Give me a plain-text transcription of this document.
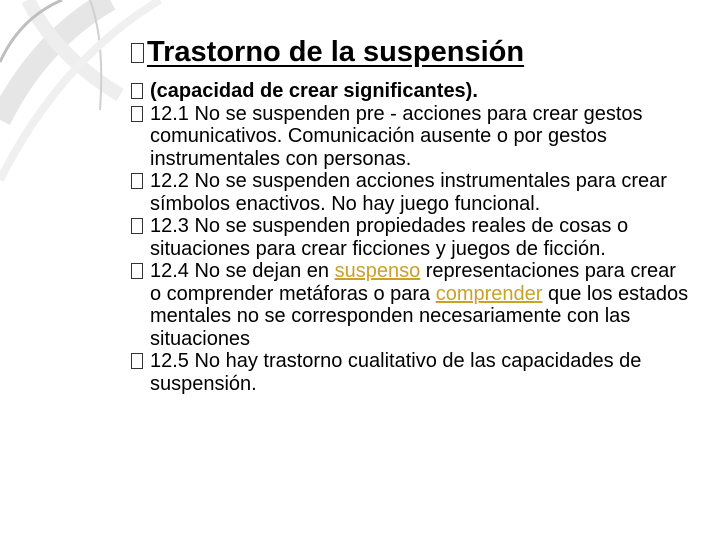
Trastorno de la suspensión
(capacidad de crear significantes).
12.1 No se suspenden pre - acciones para crear gestos comunicativos. Comunicación ausente o por gestos instrumentales con personas.
12.2 No se suspenden acciones instrumentales para crear símbolos enactivos. No hay juego funcional.
12.3 No se suspenden propiedades reales de cosas o situaciones para crear ficciones y juegos de ficción.
12.4 No se dejan en suspenso representaciones para crear o comprender metáforas o para comprender que los estados mentales no se corresponden necesariamente con las situaciones
12.5 No hay trastorno cualitativo de las capacidades de suspensión.
